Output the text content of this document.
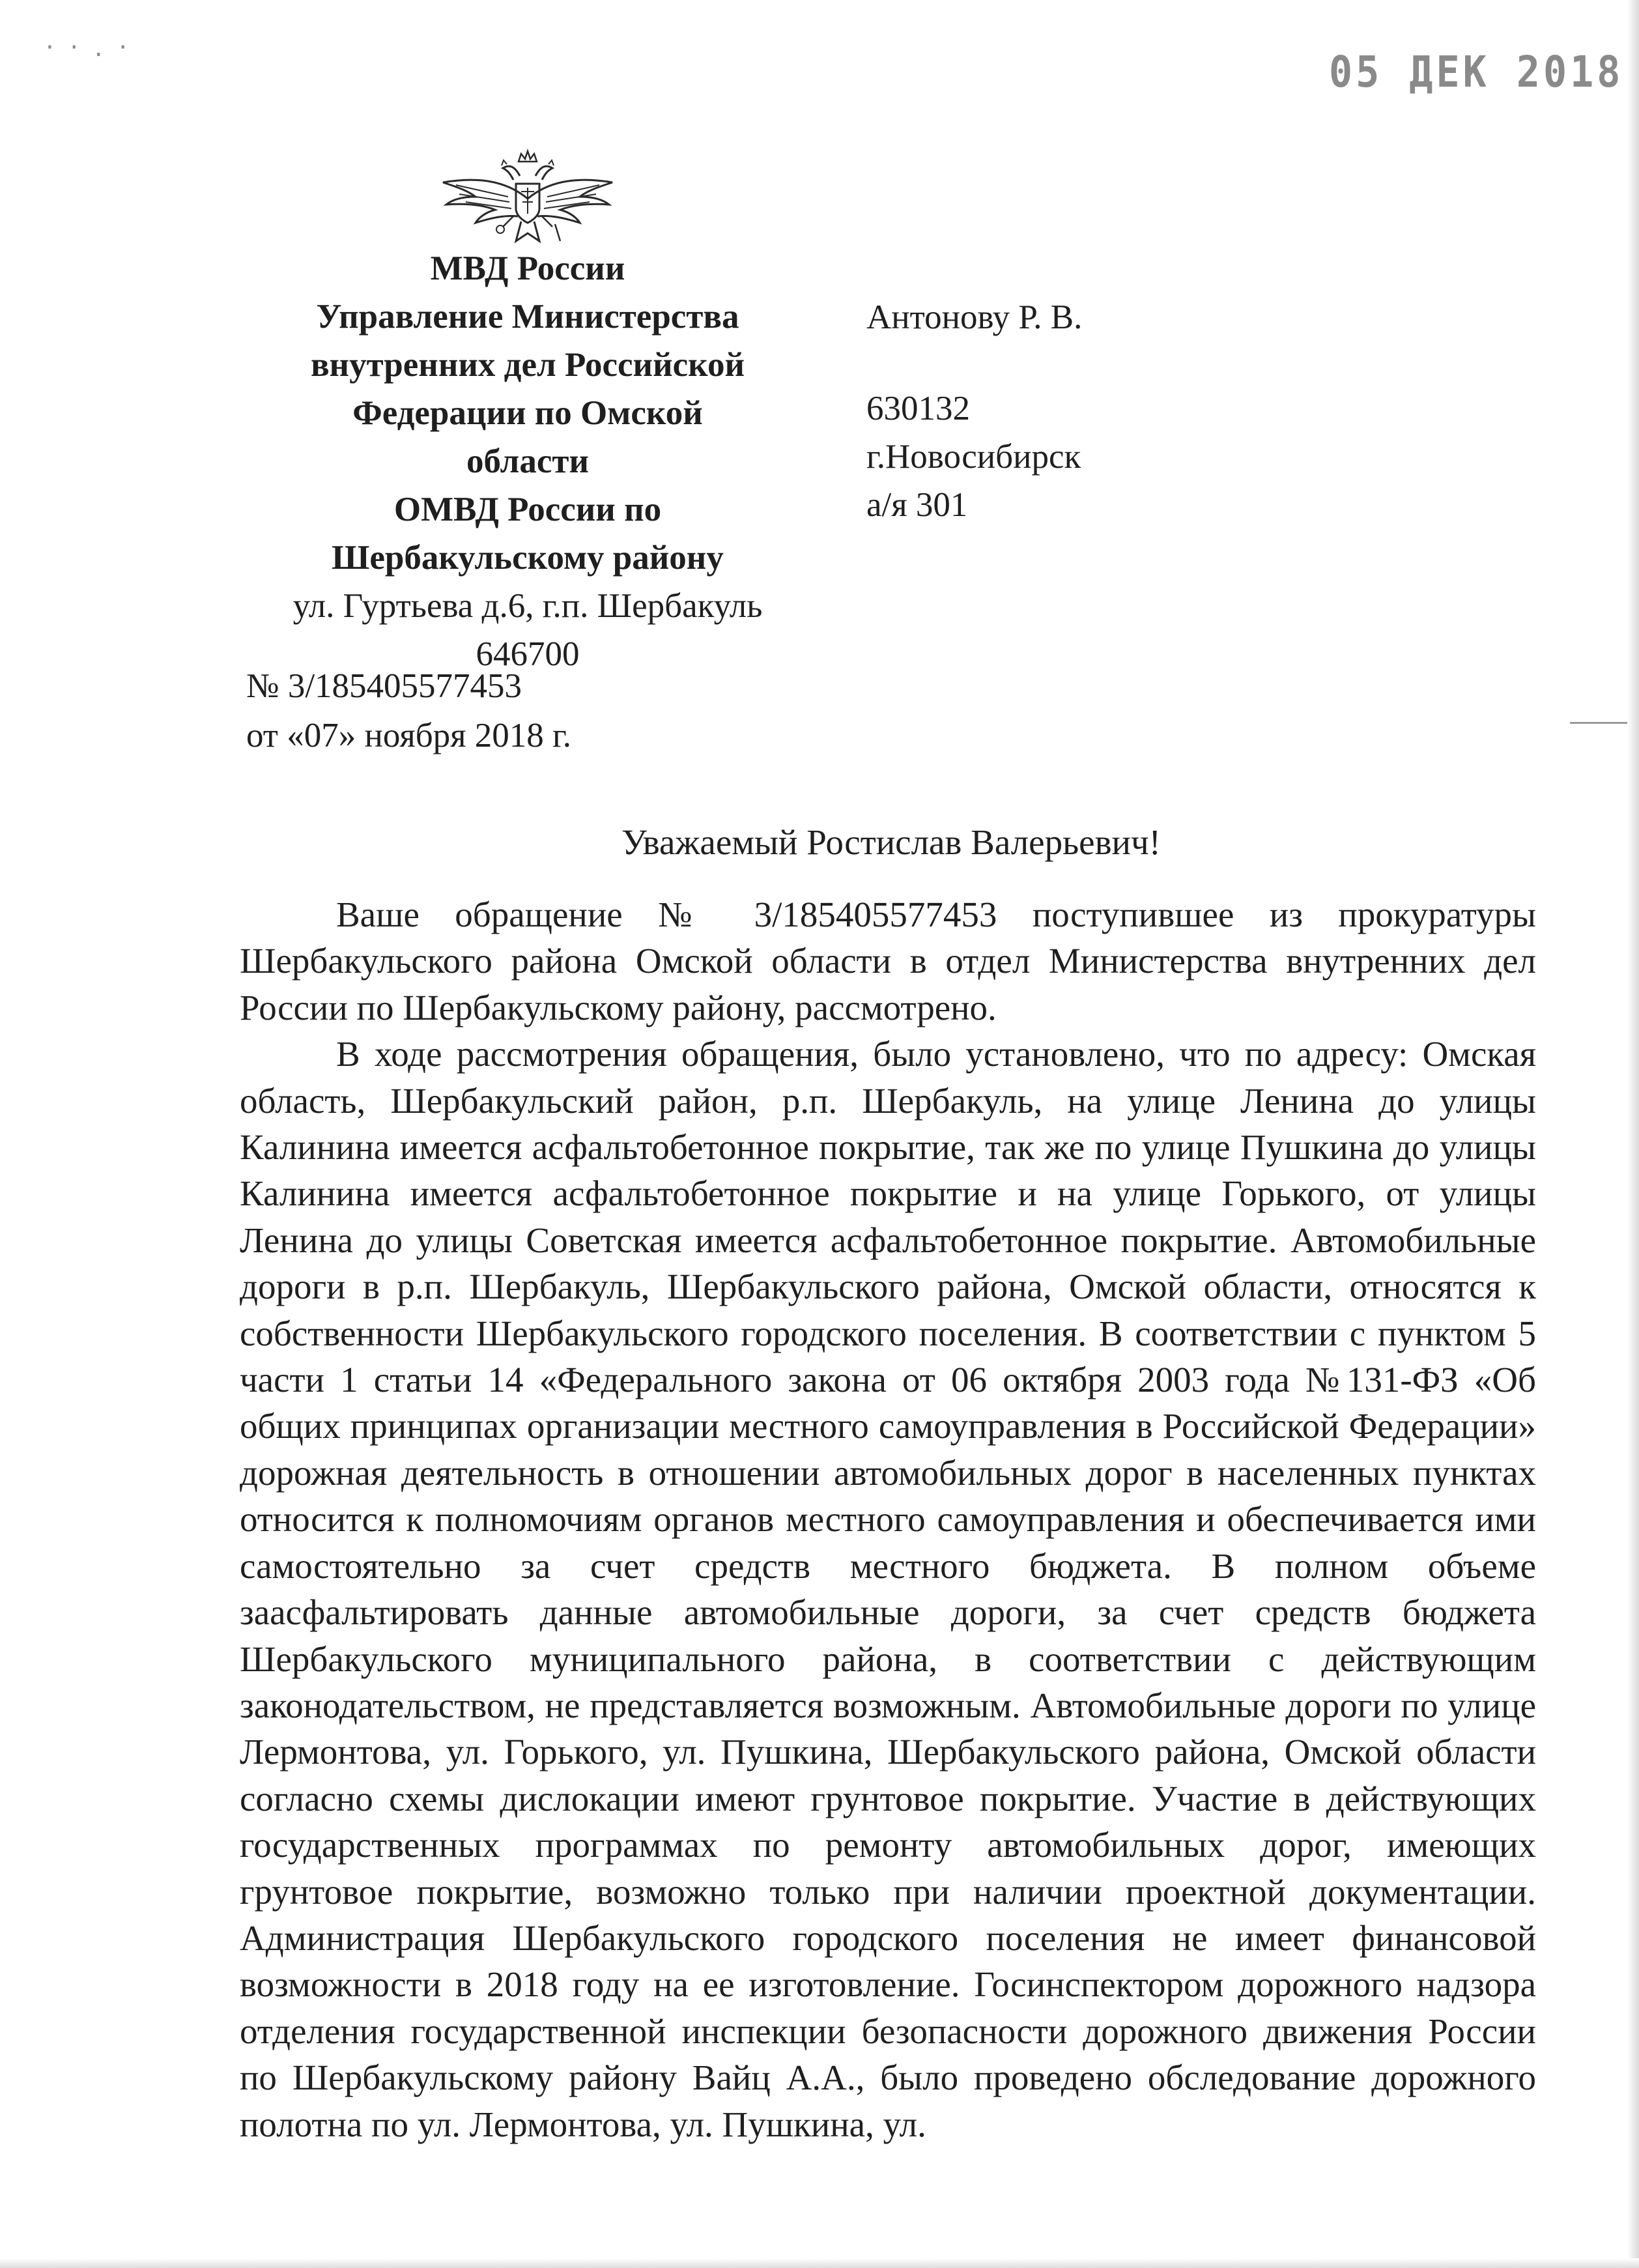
· · . ·	05 ДЕК 2018
МВД России
Управление Министерства
внутренних дел Российской
Федерации по Омской
области
ОМВД России по
Шербакульскому району
ул. Гуртьева д.6, г.п. Шербакуль
646700
№ 3/185405577453
от «07» ноября 2018 г.
Антонову Р. В.
630132
г.Новосибирск
а/я 301
Уважаемый Ростислав Валерьевич!

Ваше обращение № 3/185405577453 поступившее из прокуратуры Шербакульского района Омской области в отдел Министерства внутренних дел России по Шербакульскому району, рассмотрено.

В ходе рассмотрения обращения, было установлено, что по адресу: Омская область, Шербакульский район, р.п. Шербакуль, на улице Ленина до улицы Калинина имеется асфальтобетонное покрытие, так же по улице Пушкина до улицы Калинина имеется асфальтобетонное покрытие и на улице Горького, от улицы Ленина до улицы Советская имеется асфальтобетонное покрытие. Автомобильные дороги в р.п. Шербакуль, Шербакульского района, Омской области, относятся к собственности Шербакульского городского поселения. В соответствии с пунктом 5 части 1 статьи 14 «Федерального закона от 06 октября 2003 года №131-ФЗ «Об общих принципах организации местного самоуправления в Российской Федерации» дорожная деятельность в отношении автомобильных дорог в населенных пунктах относится к полномочиям органов местного самоуправления и обеспечивается ими самостоятельно за счет средств местного бюджета. В полном объеме заасфальтировать данные автомобильные дороги, за счет средств бюджета Шербакульского муниципального района, в соответствии с действующим законодательством, не представляется возможным. Автомобильные дороги по улице Лермонтова, ул. Горького, ул. Пушкина, Шербакульского района, Омской области согласно схемы дислокации имеют грунтовое покрытие. Участие в действующих государственных программах по ремонту автомобильных дорог, имеющих грунтовое покрытие, возможно только при наличии проектной документации. Администрация Шербакульского городского поселения не имеет финансовой возможности в 2018 году на ее изготовление. Госинспектором дорожного надзора отделения государственной инспекции безопасности дорожного движения России по Шербакульскому району Вайц А.А., было проведено обследование дорожного полотна по ул. Лермонтова, ул. Пушкина, ул.
